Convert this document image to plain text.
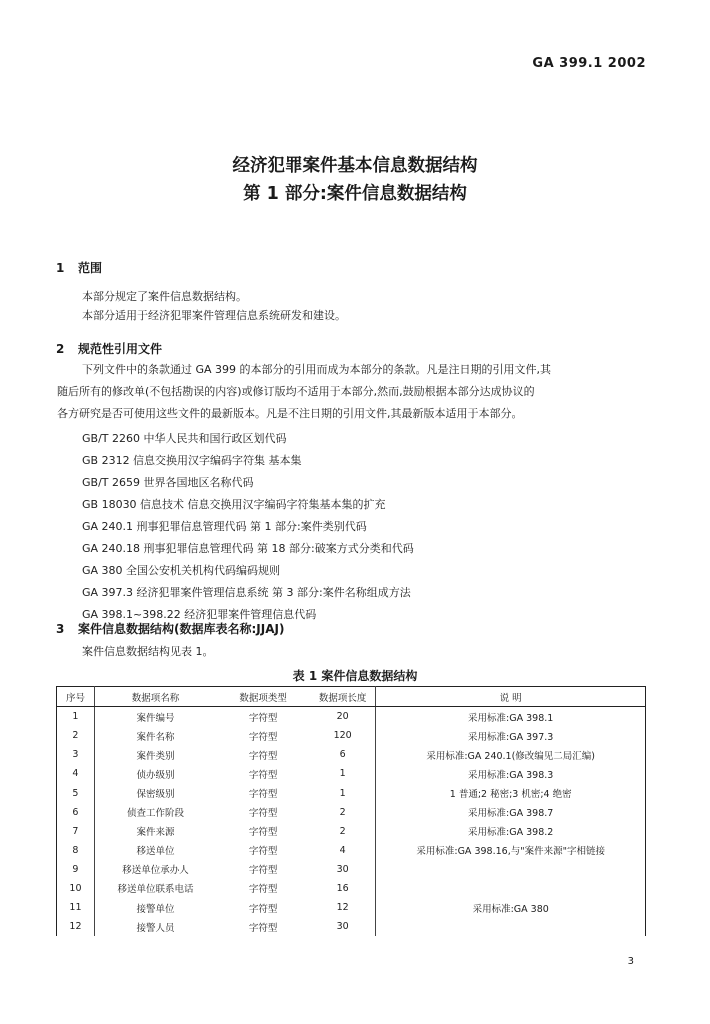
GA 399.1 2002
经济犯罪案件基本信息数据结构
第 1 部分:案件信息数据结构
1 范围
本部分规定了案件信息数据结构。
本部分适用于经济犯罪案件管理信息系统研发和建设。
2 规范性引用文件
下列文件中的条款通过 GA 399 的本部分的引用而成为本部分的条款。凡是注日期的引用文件,其
随后所有的修改单(不包括勘误的内容)或修订版均不适用于本部分,然而,鼓励根据本部分达成协议的
各方研究是否可使用这些文件的最新版本。凡是不注日期的引用文件,其最新版本适用于本部分。
GB/T 2260 中华人民共和国行政区划代码
GB 2312 信息交换用汉字编码字符集 基本集
GB/T 2659 世界各国地区名称代码
GB 18030 信息技术 信息交换用汉字编码字符集基本集的扩充
GA 240.1 刑事犯罪信息管理代码 第 1 部分:案件类别代码
GA 240.18 刑事犯罪信息管理代码 第 18 部分:破案方式分类和代码
GA 380 全国公安机关机构代码编码规则
GA 397.3 经济犯罪案件管理信息系统 第 3 部分:案件名称组成方法
GA 398.1~398.22 经济犯罪案件管理信息代码
3 案件信息数据结构(数据库表名称:JJAJ)
案件信息数据结构见表 1。
表 1 案件信息数据结构
序号	数据项名称	数据项类型	数据项长度	说 明
1	案件编号	字符型	20	采用标准:GA 398.1
2	案件名称	字符型	120	采用标准:GA 397.3
3	案件类别	字符型	6	采用标准:GA 240.1(修改编见二局汇编)
4	侦办级别	字符型	1	采用标准:GA 398.3
5	保密级别	字符型	1	1 普通;2 秘密;3 机密;4 绝密
6	侦查工作阶段	字符型	2	采用标准:GA 398.7
7	案件来源	字符型	2	采用标准:GA 398.2
8	移送单位	字符型	4	采用标准:GA 398.16,与"案件来源"字相链接
9	移送单位承办人	字符型	30	
10	移送单位联系电话	字符型	16	
11	接警单位	字符型	12	采用标准:GA 380
12	接警人员	字符型	30	
3
